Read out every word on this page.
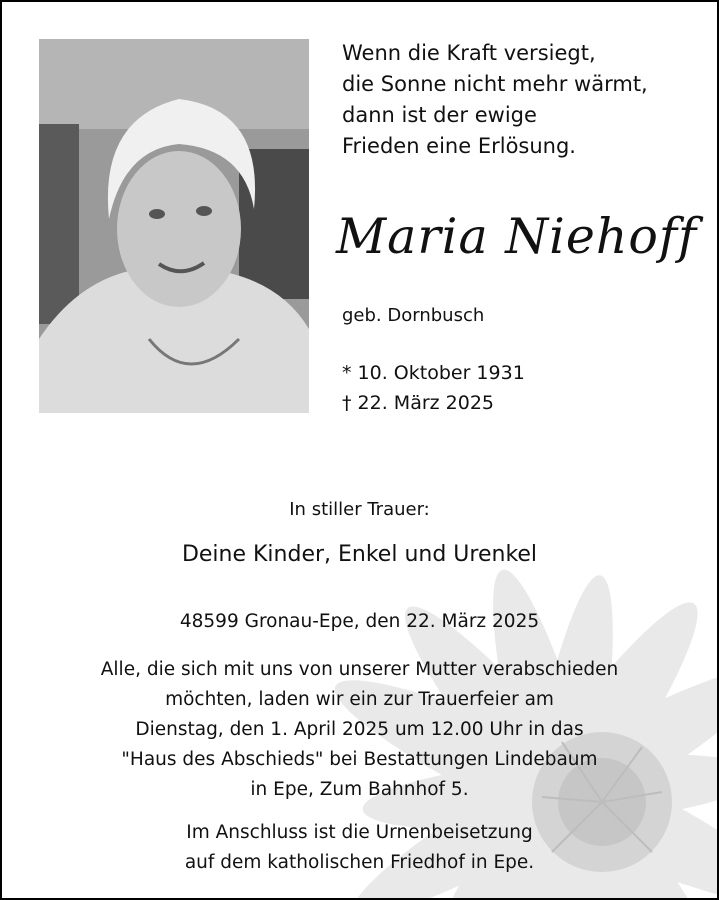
Wenn die Kraft versiegt,
die Sonne nicht mehr wärmt,
dann ist der ewige
Frieden eine Erlösung.
Maria Niehoff
geb. Dornbusch
* 10. Oktober 1931
† 22. März 2025
In stiller Trauer:
Deine Kinder, Enkel und Urenkel
48599 Gronau-Epe, den 22. März 2025
Alle, die sich mit uns von unserer Mutter verabschieden
möchten, laden wir ein zur Trauerfeier am
Dienstag, den 1. April 2025 um 12.00 Uhr in das
"Haus des Abschieds" bei Bestattungen Lindebaum
in Epe, Zum Bahnhof 5.
Im Anschluss ist die Urnenbeisetzung
auf dem katholischen Friedhof in Epe.
